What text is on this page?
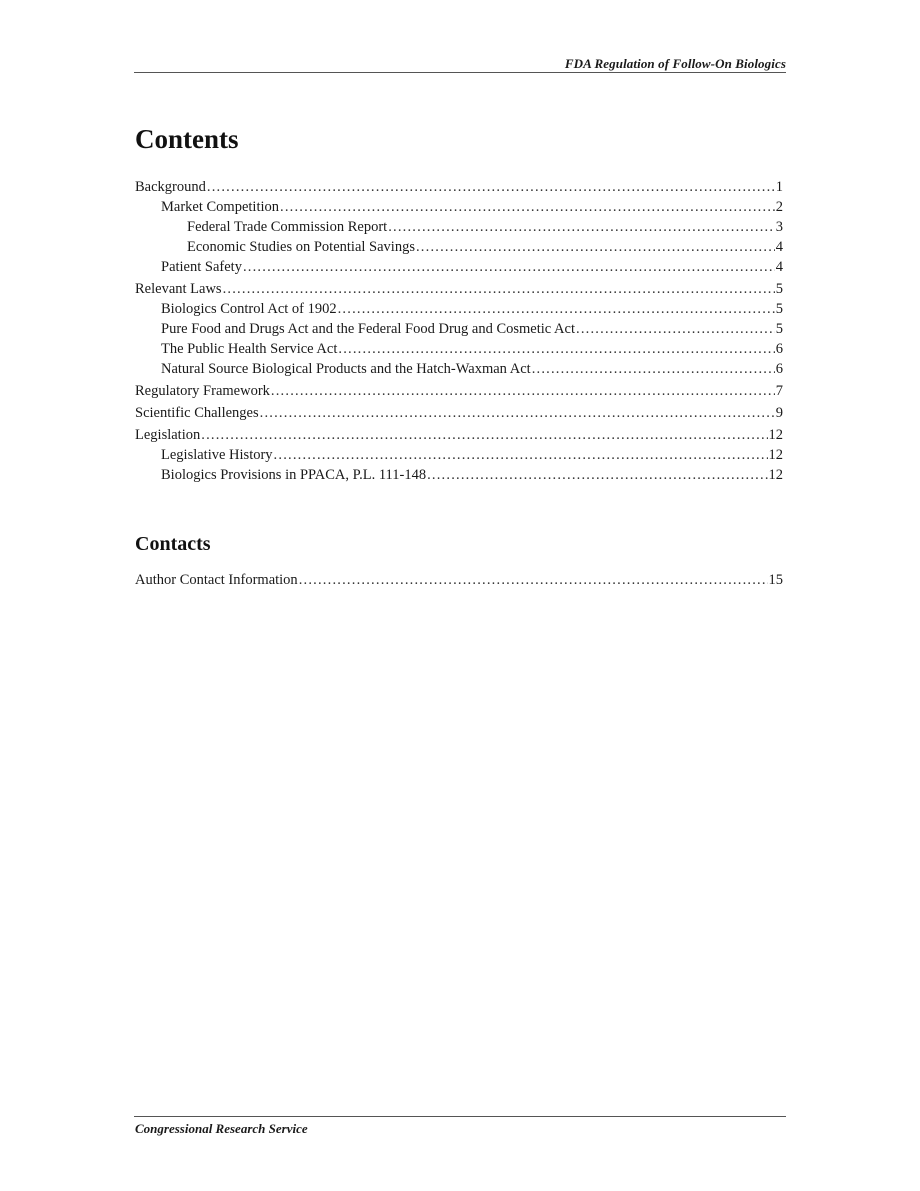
FDA Regulation of Follow-On Biologics
Contents
Background .....	1
Market Competition .....	2
Federal Trade Commission Report .....	3
Economic Studies on Potential Savings .....	4
Patient Safety .....	4
Relevant Laws .....	5
Biologics Control Act of 1902 .....	5
Pure Food and Drugs Act and the Federal Food Drug and Cosmetic Act .....	5
The Public Health Service Act .....	6
Natural Source Biological Products and the Hatch-Waxman Act .....	6
Regulatory Framework .....	7
Scientific Challenges .....	9
Legislation .....	12
Legislative History .....	12
Biologics Provisions in PPACA, P.L. 111-148 .....	12
Contacts
Author Contact Information .....	15
Congressional Research Service
